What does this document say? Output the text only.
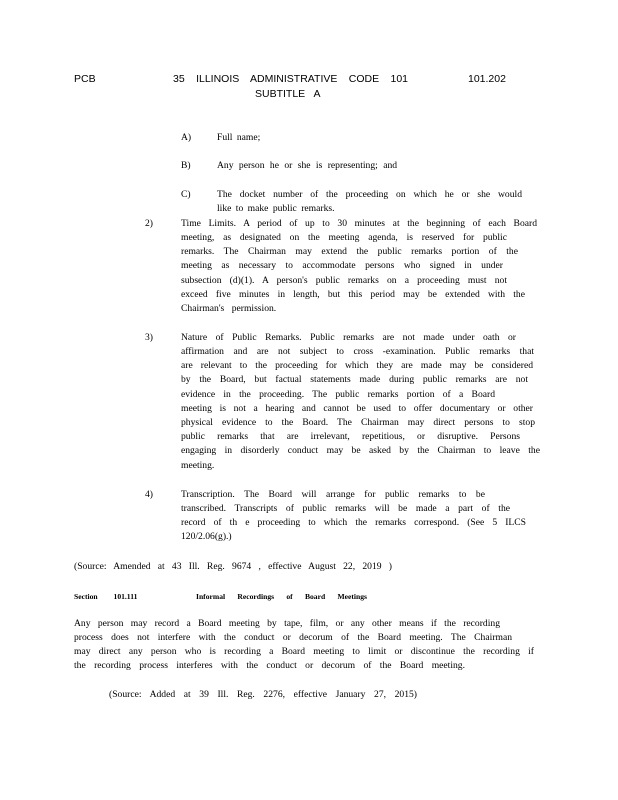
PCB	35 ILLINOIS ADMINISTRATIVE CODE 101
SUBTITLE A
101.202
A)	Full name;
B)	Any person he or she is representing; and
C)	The docket number of the proceeding on which he or she would
like to make public remarks.
2)	Time Limits. A period of up to 30 minutes at the beginning of each Board
meeting, as designated on the meeting agenda, is reserved for public
remarks. The Chairman may extend the public remarks portion of the
meeting as necessary to accommodate persons who signed in under
subsection (d)(1). A person's public remarks on a proceeding must not
exceed five minutes in length, but this period may be extended with the
Chairman's permission.
3)	Nature of Public Remarks. Public remarks are not made under oath or
affirmation and are not subject to cross -examination. Public remarks that
are relevant to the proceeding for which they are made may be considered
by the Board, but factual statements made during public remarks are not
evidence in the proceeding. The public remarks portion of a Board
meeting is not a hearing and cannot be used to offer documentary or other
physical evidence to the Board. The Chairman may direct persons to stop
public remarks that are irrelevant, repetitious, or disruptive. Persons
engaging in disorderly conduct may be asked by the Chairman to leave the
meeting.
4)	Transcription. The Board will arrange for public remarks to be
transcribed. Transcripts of public remarks will be made a part of the
record of th e proceeding to which the remarks correspond. (See 5 ILCS
120/2.06(g).)
(Source: Amended at 43 Ill. Reg. 9674 , effective August 22, 2019 )
Section 101.111	Informal Recordings of Board Meetings
Any person may record a Board meeting by tape, film, or any other means if the recording
process does not interfere with the conduct or decorum of the Board meeting. The Chairman
may direct any person who is recording a Board meeting to limit or discontinue the recording if
the recording process interferes with the conduct or decorum of the Board meeting.
(Source: Added at 39 Ill. Reg. 2276, effective January 27, 2015)
